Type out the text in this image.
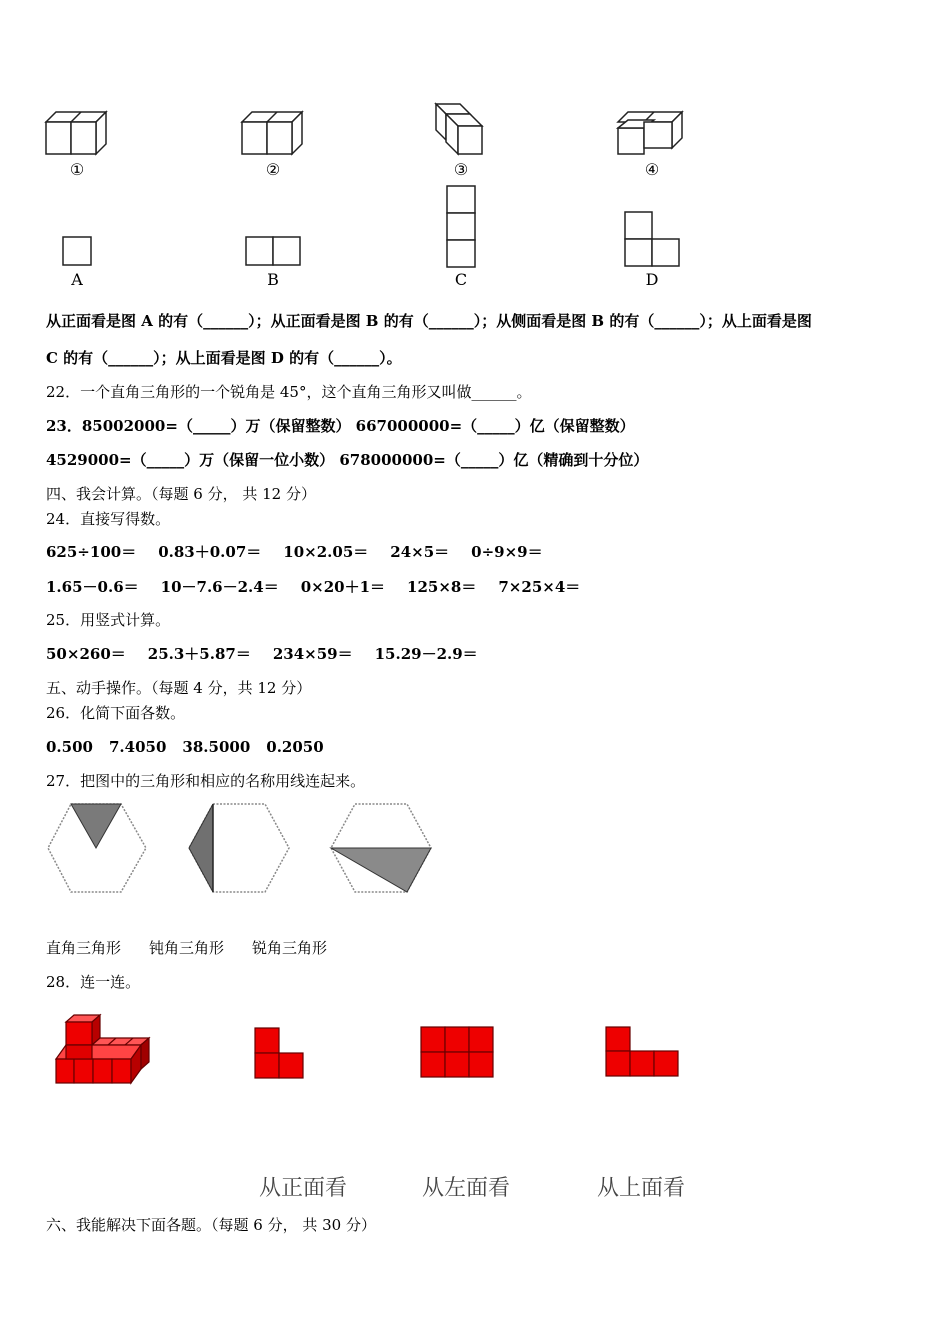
①	②	③	④
A	B	C	D
从正面看是图 A 的有（______）；从正面看是图 B 的有（______）；从侧面看是图 B 的有（______）；从上面看是图
C 的有（______）；从上面看是图 D 的有（______）。
22．一个直角三角形的一个锐角是 45°，这个直角三角形又叫做______。
23．85002000=（_____）万（保留整数） 667000000=（_____）亿（保留整数）
4529000=（_____）万（保留一位小数） 678000000=（_____）亿（精确到十分位）
四、我会计算。（每题 6 分， 共 12 分）
24．直接写得数。
625÷100＝ 0.83＋0.07＝ 10×2.05＝ 24×5＝ 0÷9×9＝
1.65－0.6＝ 10－7.6－2.4＝ 0×20＋1＝ 125×8＝ 7×25×4＝
25．用竖式计算。
50×260＝ 25.3＋5.87＝ 234×59＝ 15.29－2.9＝
五、动手操作。（每题 4 分，共 12 分）
26．化简下面各数。
0.500 7.4050 38.5000 0.2050
27．把图中的三角形和相应的名称用线连起来。
直角三角形 钝角三角形 锐角三角形
28．连一连。
从正面看	从左面看	从上面看
六、我能解决下面各题。（每题 6 分， 共 30 分）
